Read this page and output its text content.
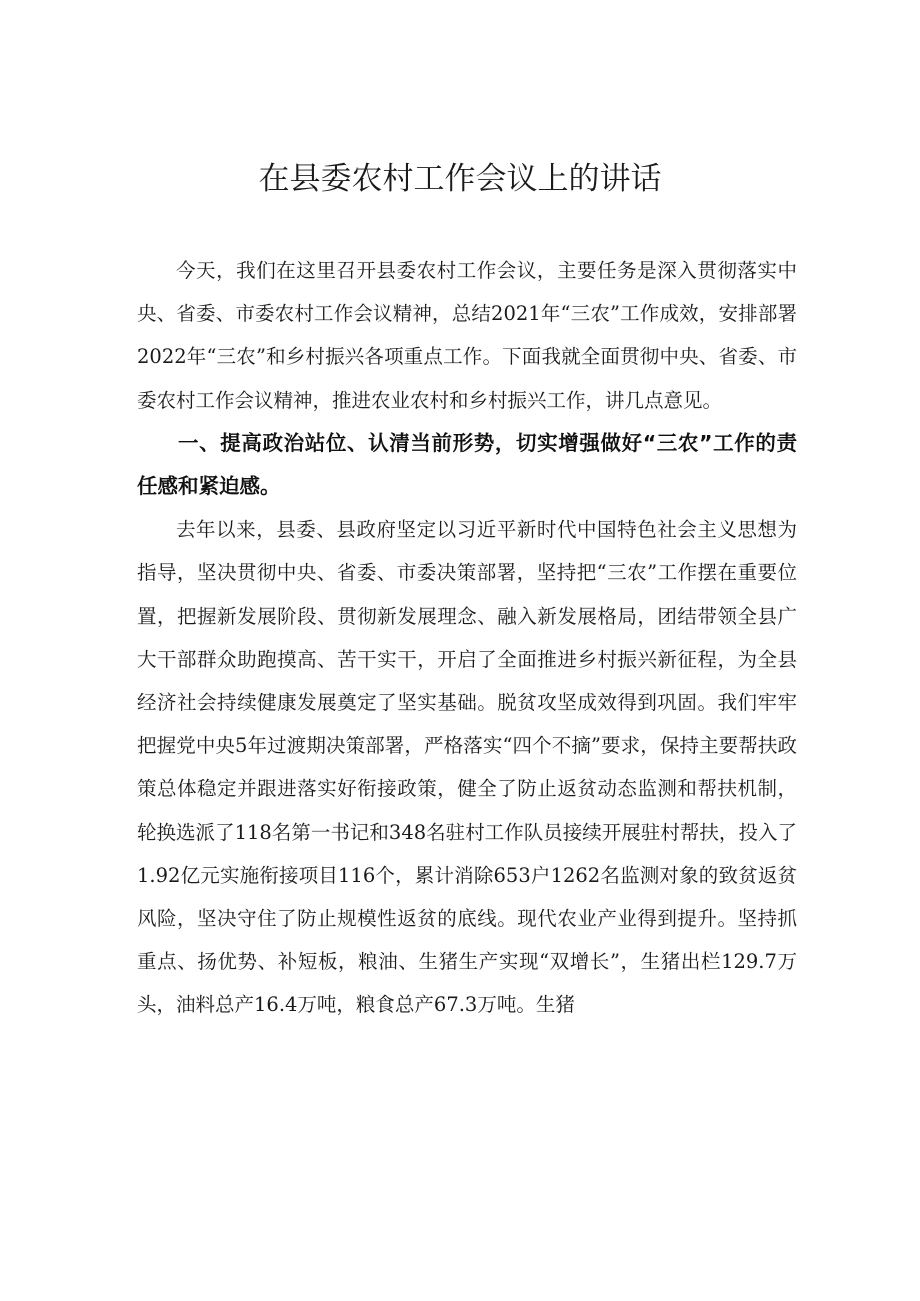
在县委农村工作会议上的讲话

今天，我们在这里召开县委农村工作会议，主要任务是深入贯彻落实中央、省委、市委农村工作会议精神，总结2021年“三农”工作成效，安排部署2022年“三农”和乡村振兴各项重点工作。下面我就全面贯彻中央、省委、市委农村工作会议精神，推进农业农村和乡村振兴工作，讲几点意见。

一、提高政治站位、认清当前形势，切实增强做好“三农”工作的责任感和紧迫感。

去年以来，县委、县政府坚定以习近平新时代中国特色社会主义思想为指导，坚决贯彻中央、省委、市委决策部署，坚持把“三农”工作摆在重要位置，把握新发展阶段、贯彻新发展理念、融入新发展格局，团结带领全县广大干部群众助跑摸高、苦干实干，开启了全面推进乡村振兴新征程，为全县经济社会持续健康发展奠定了坚实基础。脱贫攻坚成效得到巩固。我们牢牢把握党中央5年过渡期决策部署，严格落实“四个不摘”要求，保持主要帮扶政策总体稳定并跟进落实好衔接政策，健全了防止返贫动态监测和帮扶机制，轮换选派了118名第一书记和348名驻村工作队员接续开展驻村帮扶，投入了1.92亿元实施衔接项目116个，累计消除653户1262名监测对象的致贫返贫风险，坚决守住了防止规模性返贫的底线。现代农业产业得到提升。坚持抓重点、扬优势、补短板，粮油、生猪生产实现“双增长”，生猪出栏129.7万头，油料总产16.4万吨，粮食总产67.3万吨。生猪
